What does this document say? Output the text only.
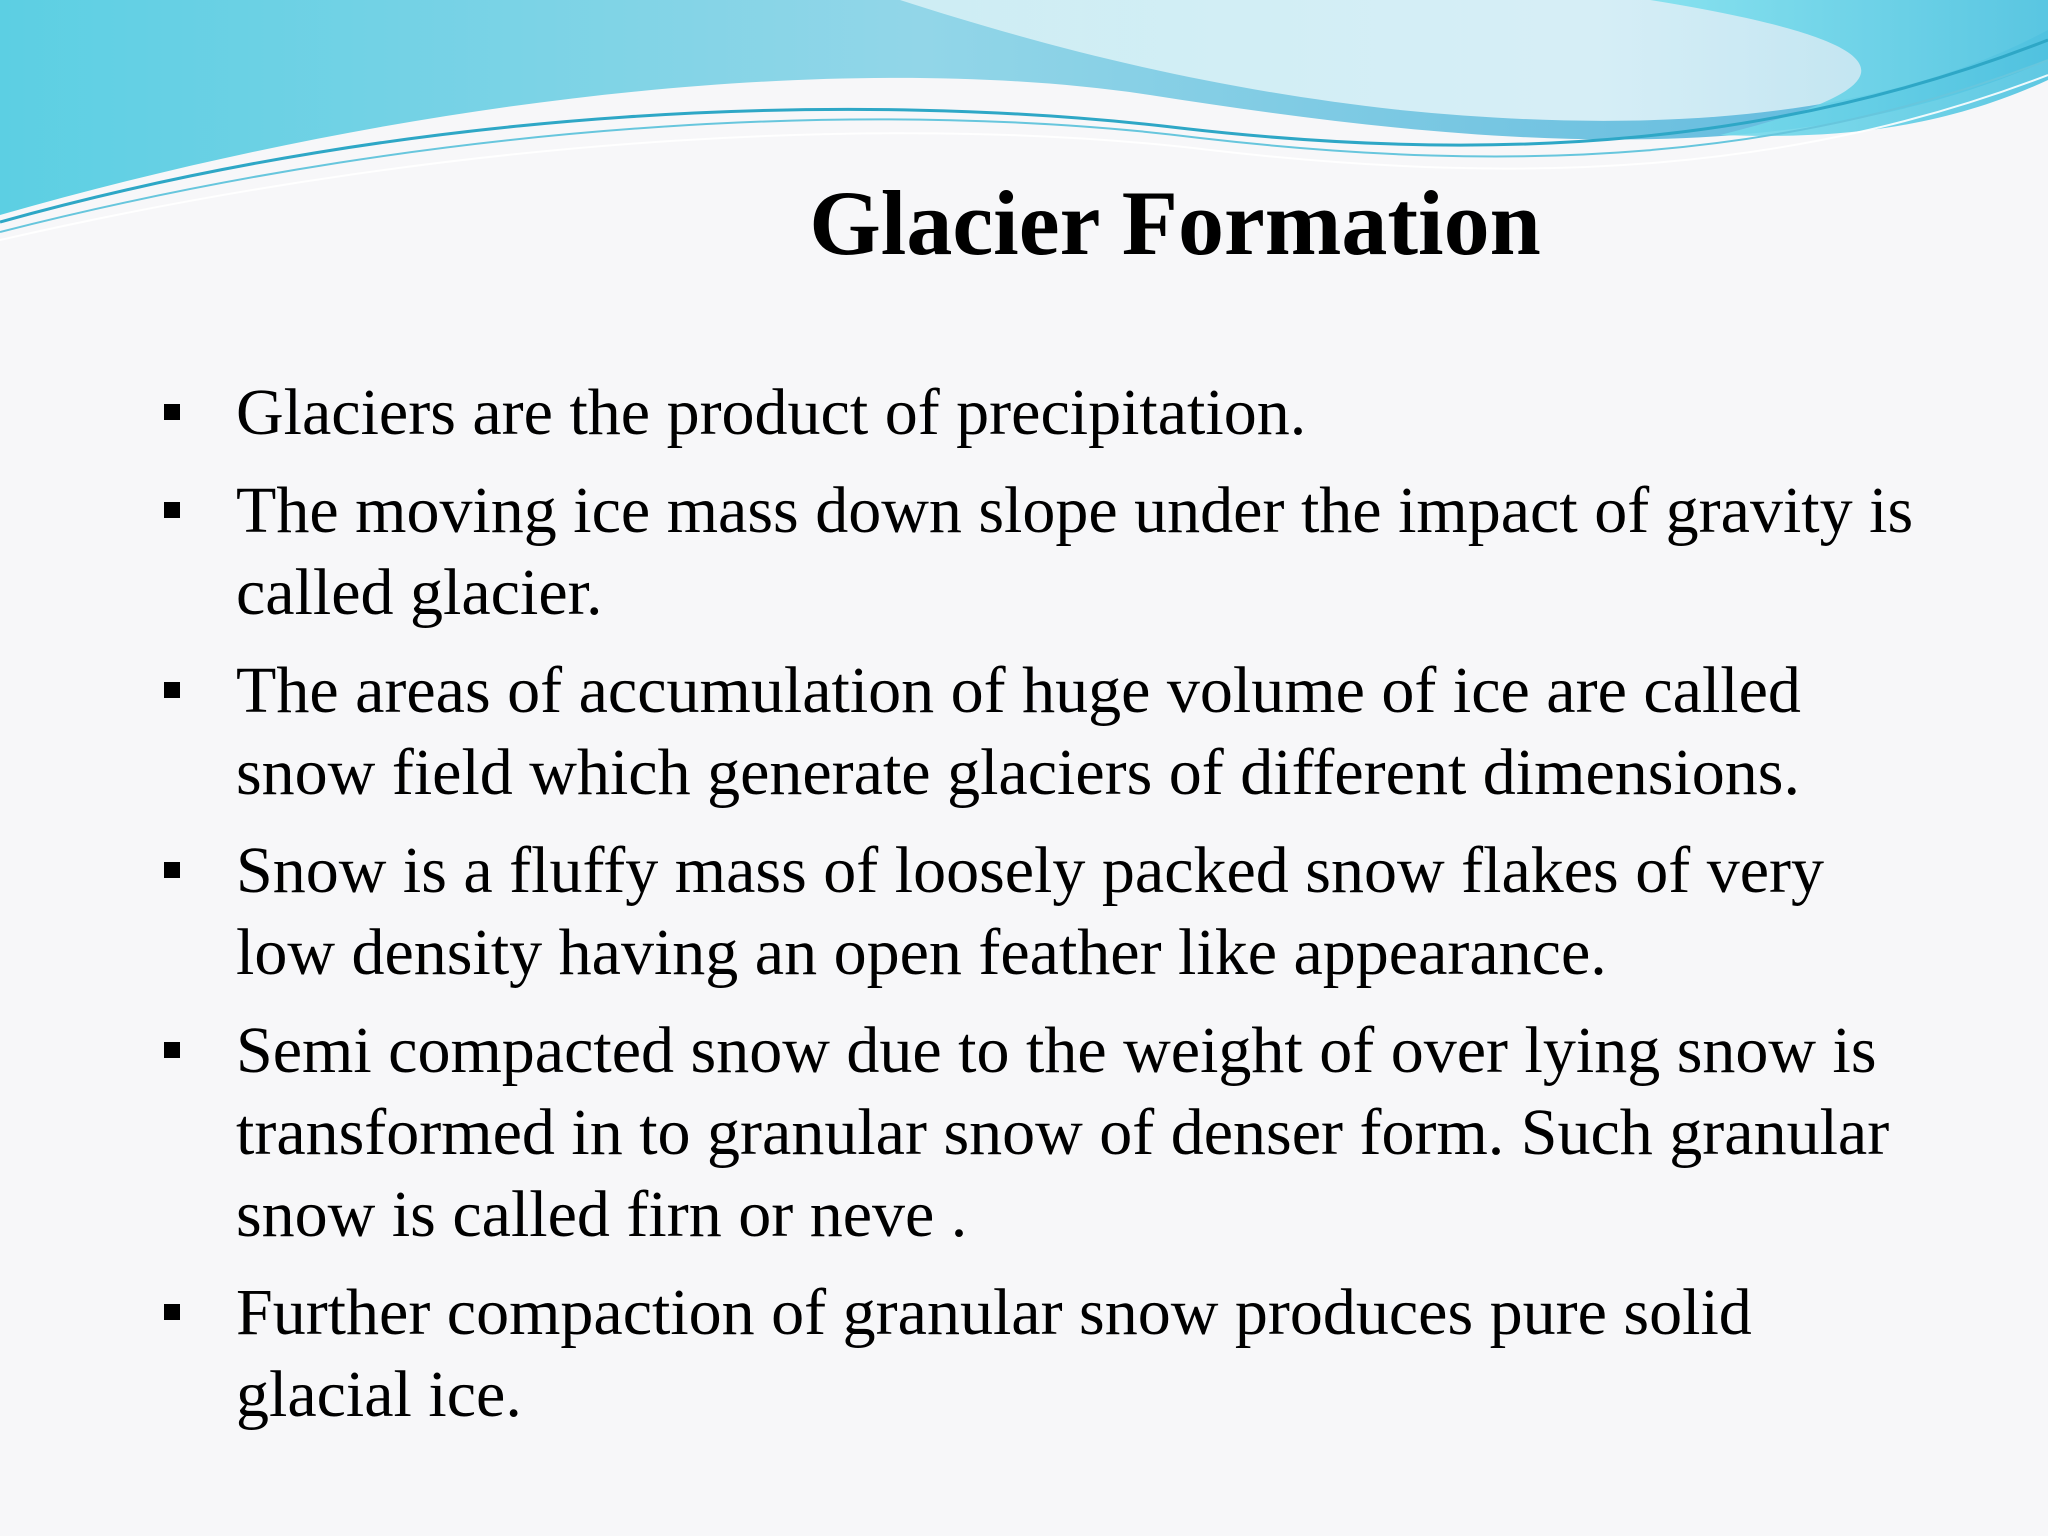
Glacier Formation
Glaciers are the product of precipitation.
The moving ice mass down slope under the impact of gravity is called glacier.
The areas of accumulation of huge volume of ice are called snow field which generate glaciers of different dimensions.
Snow is a fluffy mass of loosely packed snow flakes of very low density having an open feather like appearance.
Semi compacted snow due to the weight of over lying snow is transformed in to granular snow of denser form. Such granular snow is called firn or neve .
Further compaction of granular snow produces pure solid glacial ice.
